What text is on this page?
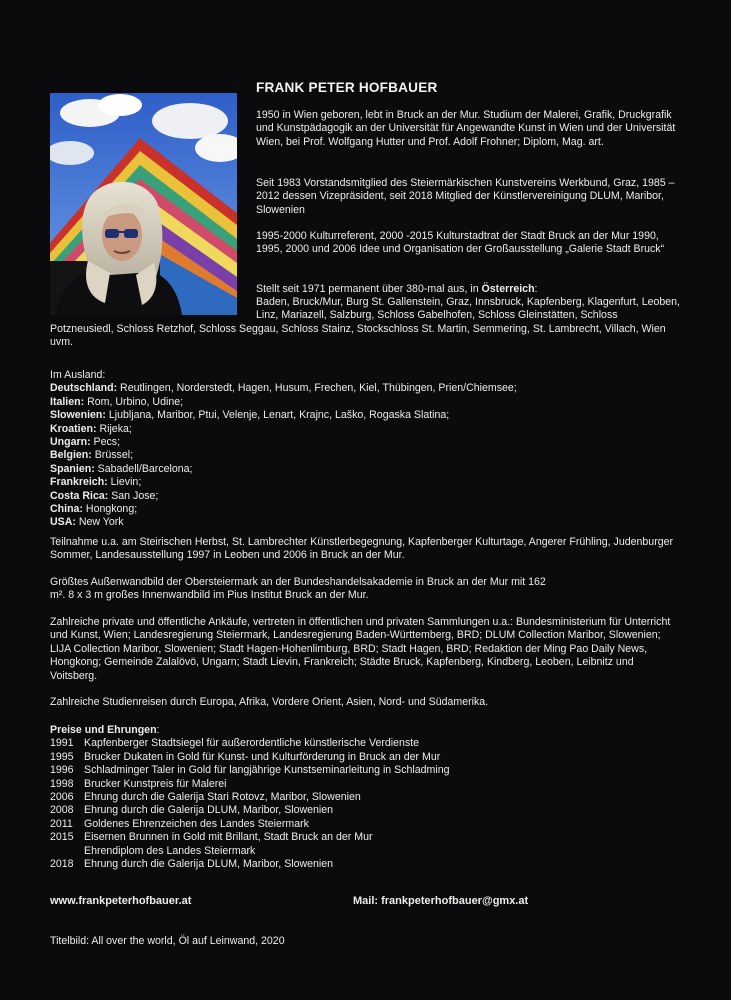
FRANK PETER HOFBAUER

1950 in Wien geboren, lebt in Bruck an der Mur. Studium der Malerei, Grafik, Druckgrafik und Kunstpädagogik an der Universität für Angewandte Kunst in Wien und der Universität Wien, bei Prof. Wolfgang Hutter und Prof. Adolf Frohner; Diplom, Mag. art.

Seit 1983 Vorstandsmitglied des Steiermärkischen Kunstvereins Werkbund, Graz, 1985 – 2012 dessen Vizepräsident, seit 2018 Mitglied der Künstlervereinigung DLUM, Maribor, Slowenien

1995-2000 Kulturreferent, 2000 -2015 Kulturstadtrat der Stadt Bruck an der Mur 1990, 1995, 2000 und 2006 Idee und Organisation der Großausstellung „Galerie Stadt Bruck“

Stellt seit 1971 permanent über 380-mal aus, in Österreich:

Baden, Bruck/Mur, Burg St. Gallenstein, Graz, Innsbruck, Kapfenberg, Klagenfurt, Leoben, Linz, Mariazell, Salzburg, Schloss Gabelhofen, Schloss Gleinstätten, Schloss

Potzneusiedl, Schloss Retzhof, Schloss Seggau, Schloss Stainz, Stockschloss St. Martin, Semmering, St. Lambrecht, Villach, Wien uvm.

Im Ausland:
Deutschland: Reutlingen, Norderstedt, Hagen, Husum, Frechen, Kiel, Thübingen, Prien/Chiemsee;
Italien: Rom, Urbino, Udine;
Slowenien: Ljubljana, Maribor, Ptui, Velenje, Lenart, Krajnc, Laško, Rogaska Slatina;
Kroatien: Rijeka;
Ungarn: Pecs;
Belgien: Brüssel;
Spanien: Sabadell/Barcelona;
Frankreich: Lievin;
Costa Rica: San Jose;
China: Hongkong;
USA: New York

Teilnahme u.a. am Steirischen Herbst, St. Lambrechter Künstlerbegegnung, Kapfenberger Kulturtage, Angerer Frühling, Judenburger Sommer, Landesausstellung 1997 in Leoben und 2006 in Bruck an der Mur.

Größtes Außenwandbild der Obersteiermark an der Bundeshandelsakademie in Bruck an der Mur mit 162 m². 8 x 3 m großes Innenwandbild im Pius Institut Bruck an der Mur.

Zahlreiche private und öffentliche Ankäufe, vertreten in öffentlichen und privaten Sammlungen u.a.: Bundesministerium für Unterricht und Kunst, Wien; Landesregierung Steiermark, Landesregierung Baden-Württemberg, BRD; DLUM Collection Maribor, Slowenien; LIJA Collection Maribor, Slowenien; Stadt Hagen-Hohenlimburg, BRD; Stadt Hagen, BRD; Redaktion der Ming Pao Daily News, Hongkong; Gemeinde Zalalövö, Ungarn; Stadt Lievin, Frankreich; Städte Bruck, Kapfenberg, Kindberg, Leoben, Leibnitz und Voitsberg.

Zahlreiche Studienreisen durch Europa, Afrika, Vordere Orient, Asien, Nord- und Südamerika.

Preise und Ehrungen:
1991 Kapfenberger Stadtsiegel für außerordentliche künstlerische Verdienste
1995 Brucker Dukaten in Gold für Kunst- und Kulturförderung in Bruck an der Mur
1996 Schladminger Taler in Gold für langjährige Kunstseminarleitung in Schladming
1998 Brucker Kunstpreis für Malerei
2006 Ehrung durch die Galerija Stari Rotovz, Maribor, Slowenien
2008 Ehrung durch die Galerija DLUM, Maribor, Slowenien
2011	Goldenes Ehrenzeichen des Landes Steiermark
2015 Eisernen Brunnen in Gold mit Brillant, Stadt Bruck an der Mur
Ehrendiplom des Landes Steiermark
2018 Ehrung durch die Galerija DLUM, Maribor, Slowenien
www.frankpeterhofbauer.at	Mail: frankpeterhofbauer@gmx.at
Titelbild: All over the world, Öl auf Leinwand, 2020
